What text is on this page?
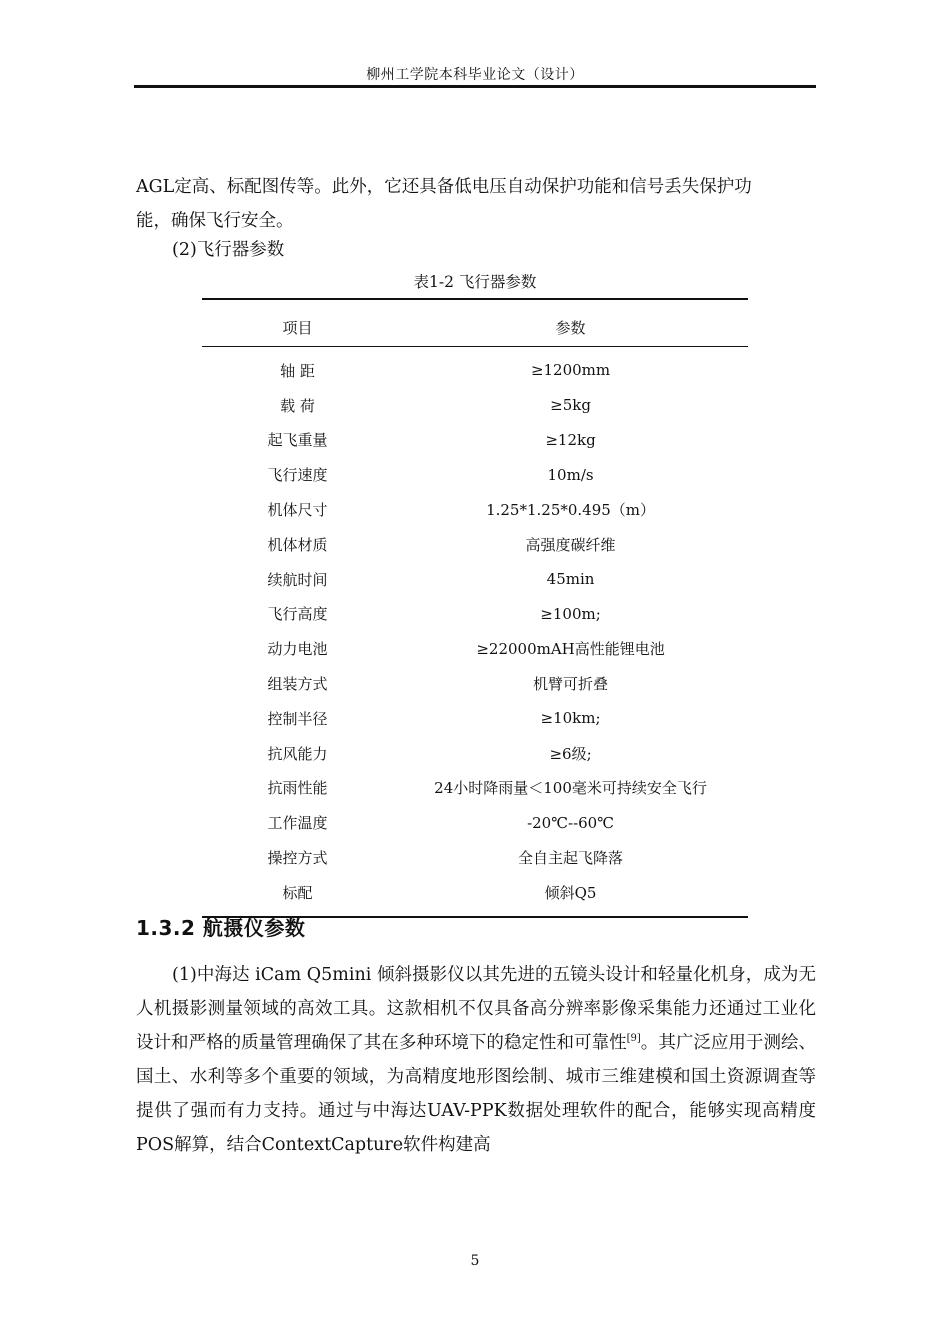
柳州工学院本科毕业论文（设计）
AGL定高、标配图传等。此外，它还具备低电压自动保护功能和信号丢失保护功
能，确保飞行安全。
(2)飞行器参数
表1-2 飞行器参数
项目	参数
轴 距	≥1200mm
载 荷	≥5kg
起飞重量	≥12kg
飞行速度	10m/s
机体尺寸	1.25*1.25*0.495（m）
机体材质	高强度碳纤维
续航时间	45min
飞行高度	≥100m;
动力电池	≥22000mAH高性能锂电池
组装方式	机臂可折叠
控制半径	≥10km;
抗风能力	≥6级;
抗雨性能	24小时降雨量＜100毫米可持续安全飞行
工作温度	-20℃--60℃
操控方式	全自主起飞降落
标配	倾斜Q5
1.3.2 航摄仪参数
(1)中海达 iCam Q5mini 倾斜摄影仪以其先进的五镜头设计和轻量化机身，成为无人机摄影测量领域的高效工具。这款相机不仅具备高分辨率影像采集能力还通过工业化设计和严格的质量管理确保了其在多种环境下的稳定性和可靠性[9]。其广泛应用于测绘、国土、水利等多个重要的领域，为高精度地形图绘制、城市三维建模和国土资源调查等提供了强而有力支持。通过与中海达UAV-PPK数据处理软件的配合，能够实现高精度POS解算，结合ContextCapture软件构建高
5
